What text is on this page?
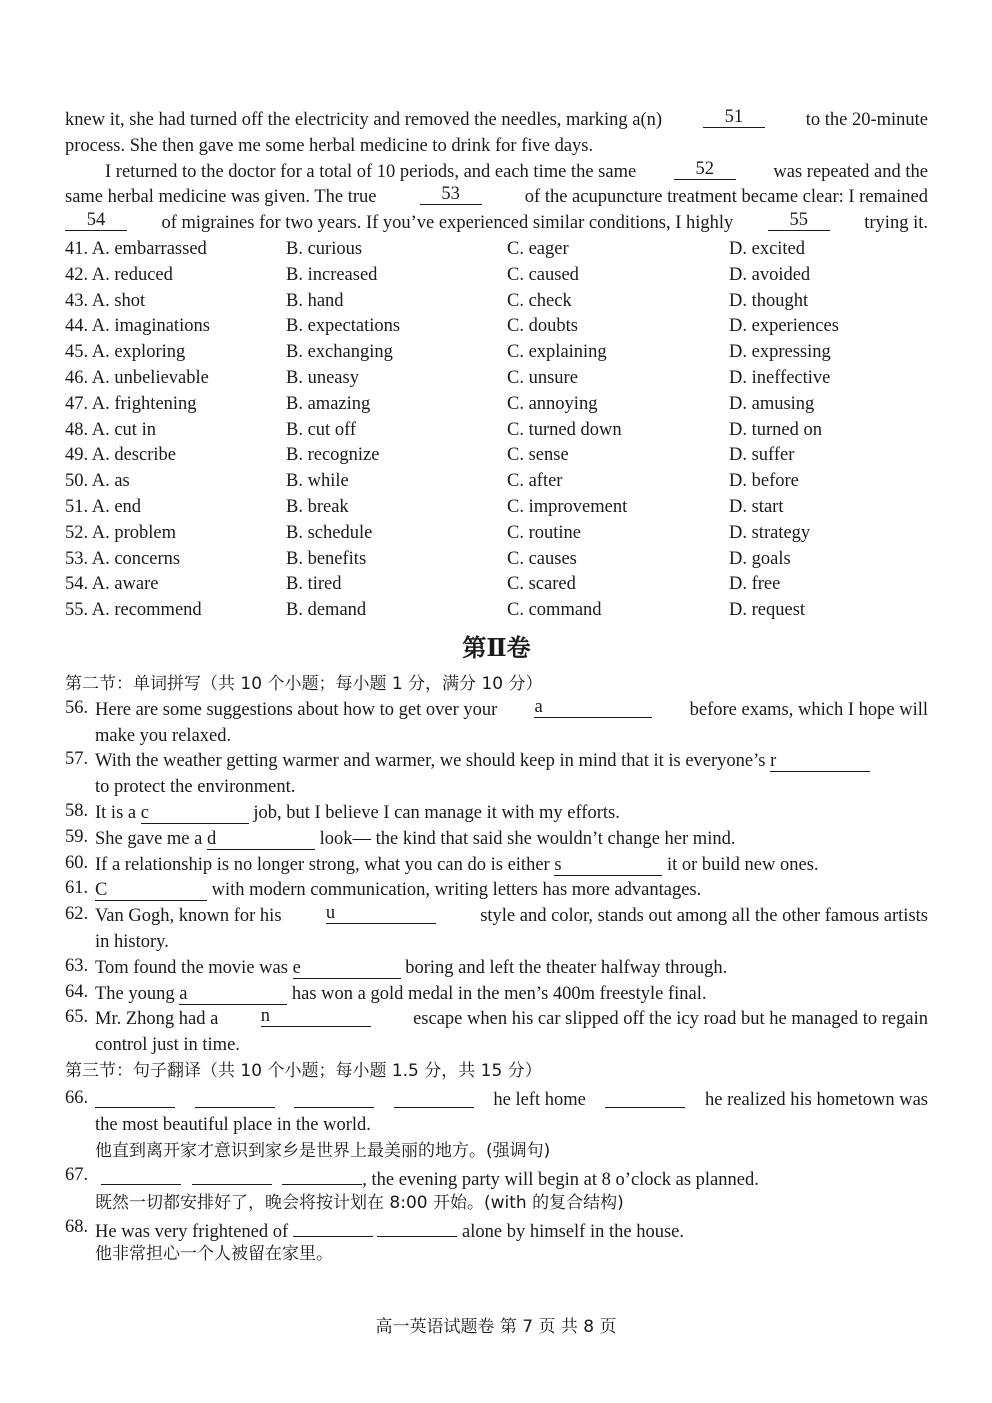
knew it, she had turned off the electricity and removed the needles, marking a(n)	51	to the 20-minute
process. She then gave me some herbal medicine to drink for five days.
I returned to the doctor for a total of 10 periods, and each time the same	52	was repeated and the
same herbal medicine was given. The true	53	of the acupuncture treatment became clear: I remained
54	of migraines for two years. If you’ve experienced similar conditions, I highly	55	trying it.
41. A. embarrassed	B. curious	C. eager	D. excited
42. A. reduced	B. increased	C. caused	D. avoided
43. A. shot	B. hand	C. check	D. thought
44. A. imaginations	B. expectations	C. doubts	D. experiences
45. A. exploring	B. exchanging	C. explaining	D. expressing
46. A. unbelievable	B. uneasy	C. unsure	D. ineffective
47. A. frightening	B. amazing	C. annoying	D. amusing
48. A. cut in	B. cut off	C. turned down	D. turned on
49. A. describe	B. recognize	C. sense	D. suffer
50. A. as	B. while	C. after	D. before
51. A. end	B. break	C. improvement	D. start
52. A. problem	B. schedule	C. routine	D. strategy
53. A. concerns	B. benefits	C. causes	D. goals
54. A. aware	B. tired	C. scared	D. free
55. A. recommend	B. demand	C. command	D. request
第Ⅱ卷
第二节：单词拼写（共 10 个小题；每小题 1 分，满分 10 分）
56. Here are some suggestions about how to get over your a	before exams, which I hope will
make you relaxed.
57. With the weather getting warmer and warmer, we should keep in mind that it is everyone’s r
to protect the environment.
58. It is a c	job, but I believe I can manage it with my efforts.
59. She gave me a d	look— the kind that said she wouldn’t change her mind.
60. If a relationship is no longer strong, what you can do is either s	it or build new ones.
61. C	with modern communication, writing letters has more advantages.
62. Van Gogh, known for his u	style and color, stands out among all the other famous artists
in history.
63. Tom found the movie was e	boring and left the theater halfway through.
64. The young a	has won a gold medal in the men’s 400m freestyle final.
65. Mr. Zhong had a n	escape when his car slipped off the icy road but he managed to regain
control just in time.
第三节：句子翻译（共 10 个小题；每小题 1.5 分，共 15 分）
66.	he left home	he realized his hometown was
the most beautiful place in the world.
他直到离开家才意识到家乡是世界上最美丽的地方。(强调句)
67.	, the evening party will begin at 8 o’clock as planned.
既然一切都安排好了，晚会将按计划在 8:00 开始。(with 的复合结构)
68. He was very frightened of	alone by himself in the house.
他非常担心一个人被留在家里。
高一英语试题卷 第 7 页 共 8 页
